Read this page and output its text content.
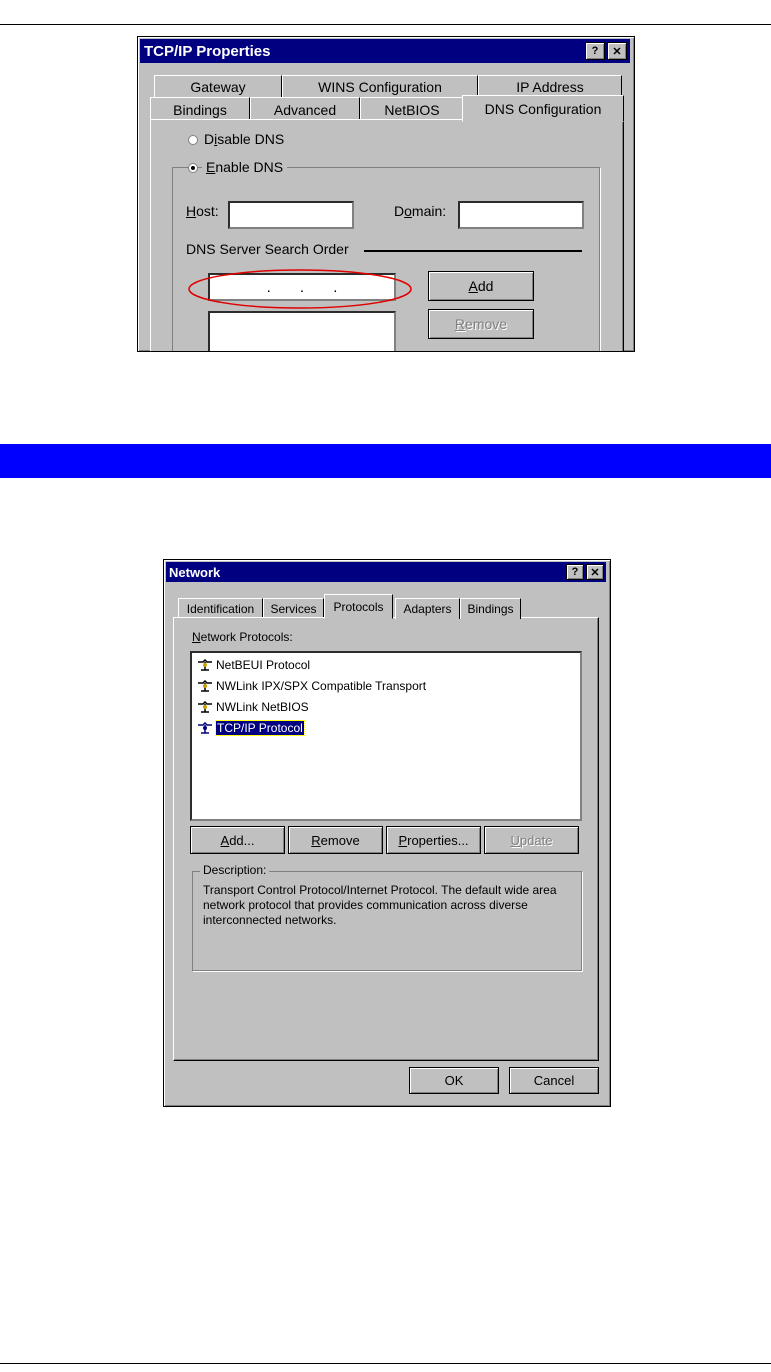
TCP/IP Properties	? ✕
Gateway	WINS Configuration	IP Address
Bindings	Advanced	NetBIOS	DNS Configuration
Disable DNS
Enable DNS
Host:	Domain:
DNS Server Search Order
.       .       .	Add
Remove
Network	? ✕
Identification Services Protocols Adapters Bindings
Network Protocols:
NetBEUI Protocol
NWLink IPX/SPX Compatible Transport
NWLink NetBIOS
TCP/IP Protocol
Add...	Remove	Properties...	Update
Description:
Transport Control Protocol/Internet Protocol. The default wide area network protocol that provides communication across diverse interconnected networks.
OK	Cancel
